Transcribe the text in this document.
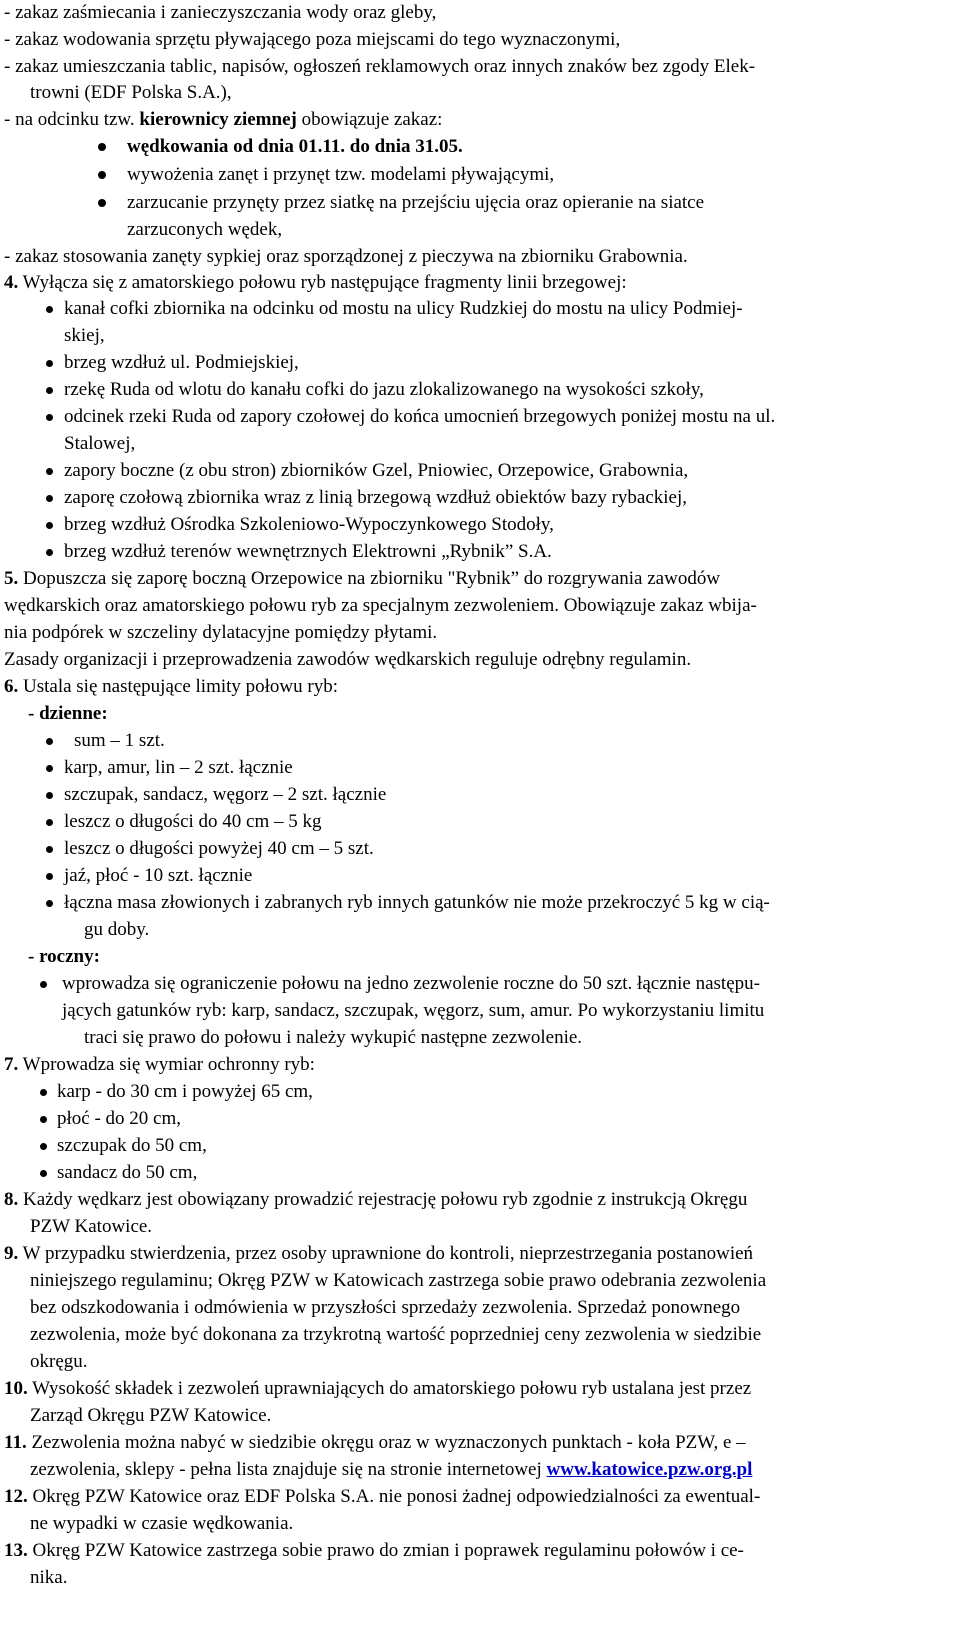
- zakaz zaśmiecania i zanieczyszczania wody oraz gleby,
- zakaz wodowania sprzętu pływającego poza miejscami do tego wyznaczonymi,
- zakaz umieszczania tablic, napisów, ogłoszeń reklamowych oraz innych znaków bez zgody Elek-
trowni (EDF Polska S.A.),
- na odcinku tzw. kierownicy ziemnej obowiązuje zakaz:
wędkowania od dnia 01.11. do dnia 31.05.
wywożenia zanęt i przynęt tzw. modelami pływającymi,
zarzucanie przynęty przez siatkę na przejściu ujęcia oraz opieranie na siatce
zarzuconych wędek,
- zakaz stosowania zanęty sypkiej oraz sporządzonej z pieczywa na zbiorniku Grabownia.
4. Wyłącza się z amatorskiego połowu ryb następujące fragmenty linii brzegowej:
kanał cofki zbiornika na odcinku od mostu na ulicy Rudzkiej do mostu na ulicy Podmiej-
skiej,
brzeg wzdłuż ul. Podmiejskiej,
rzekę Ruda od wlotu do kanału cofki do jazu zlokalizowanego na wysokości szkoły,
odcinek rzeki Ruda od zapory czołowej do końca umocnień brzegowych poniżej mostu na ul.
Stalowej,
zapory boczne (z obu stron) zbiorników Gzel, Pniowiec, Orzepowice, Grabownia,
zaporę czołową zbiornika wraz z linią brzegową wzdłuż obiektów bazy rybackiej,
brzeg wzdłuż Ośrodka Szkoleniowo-Wypoczynkowego Stodoły,
brzeg wzdłuż terenów wewnętrznych Elektrowni „Rybnik” S.A.
5. Dopuszcza się zaporę boczną Orzepowice na zbiorniku "Rybnik” do rozgrywania zawodów
wędkarskich oraz amatorskiego połowu ryb za specjalnym zezwoleniem. Obowiązuje zakaz wbija-
nia podpórek w szczeliny dylatacyjne pomiędzy płytami.
Zasady organizacji i przeprowadzenia zawodów wędkarskich reguluje odrębny regulamin.
6. Ustala się następujące limity połowu ryb:
- dzienne:
sum – 1 szt.
karp, amur, lin – 2 szt. łącznie
szczupak, sandacz, węgorz – 2 szt. łącznie
leszcz o długości do 40 cm – 5 kg
leszcz o długości powyżej 40 cm – 5 szt.
jaź, płoć - 10 szt. łącznie
łączna masa złowionych i zabranych ryb innych gatunków nie może przekroczyć 5 kg w cią-
gu doby.
- roczny:
wprowadza się ograniczenie połowu na jedno zezwolenie roczne do 50 szt. łącznie następu-
jących gatunków ryb: karp, sandacz, szczupak, węgorz, sum, amur. Po wykorzystaniu limitu
traci się prawo do połowu i należy wykupić następne zezwolenie.
7. Wprowadza się wymiar ochronny ryb:
karp - do 30 cm i powyżej 65 cm,
płoć - do 20 cm,
szczupak do 50 cm,
sandacz do 50 cm,
8. Każdy wędkarz jest obowiązany prowadzić rejestrację połowu ryb zgodnie z instrukcją Okręgu
PZW Katowice.
9. W przypadku stwierdzenia, przez osoby uprawnione do kontroli, nieprzestrzegania postanowień
niniejszego regulaminu; Okręg PZW w Katowicach zastrzega sobie prawo odebrania zezwolenia
bez odszkodowania i odmówienia w przyszłości sprzedaży zezwolenia. Sprzedaż ponownego
zezwolenia, może być dokonana za trzykrotną wartość poprzedniej ceny zezwolenia w siedzibie
okręgu.
10. Wysokość składek i zezwoleń uprawniających do amatorskiego połowu ryb ustalana jest przez
Zarząd Okręgu PZW Katowice.
11. Zezwolenia można nabyć w siedzibie okręgu oraz w wyznaczonych punktach - koła PZW, e –
zezwolenia, sklepy - pełna lista znajduje się na stronie internetowej www.katowice.pzw.org.pl
12. Okręg PZW Katowice oraz EDF Polska S.A. nie ponosi żadnej odpowiedzialności za ewentual-
ne wypadki w czasie wędkowania.
13. Okręg PZW Katowice zastrzega sobie prawo do zmian i poprawek regulaminu połowów i ce-
nika.
